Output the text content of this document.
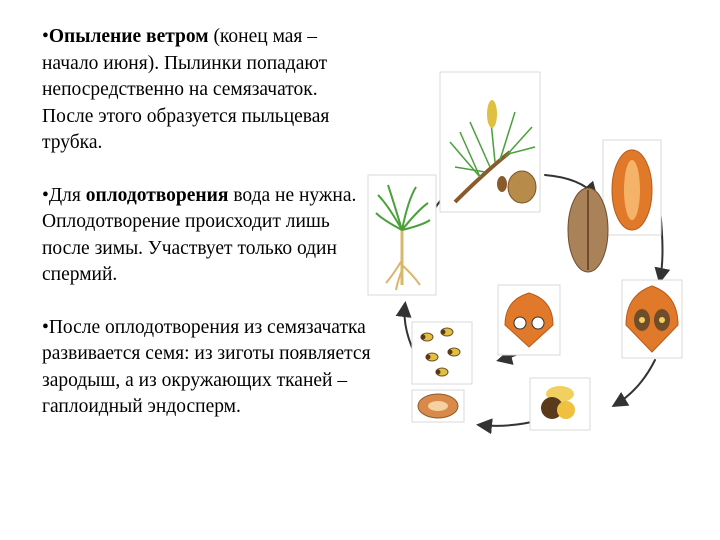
•Опыление ветром (конец мая – начало июня). Пылинки попадают непосредственно на семязачаток. После этого образуется пыльцевая трубка.

•Для оплодотворения вода не нужна. Оплодотворение происходит лишь после зимы. Участвует только один спермий.

•После оплодотворения из семязачатка развивается семя: из зиготы появляется зародыш, а из окружающих тканей – гаплоидный эндосперм.
